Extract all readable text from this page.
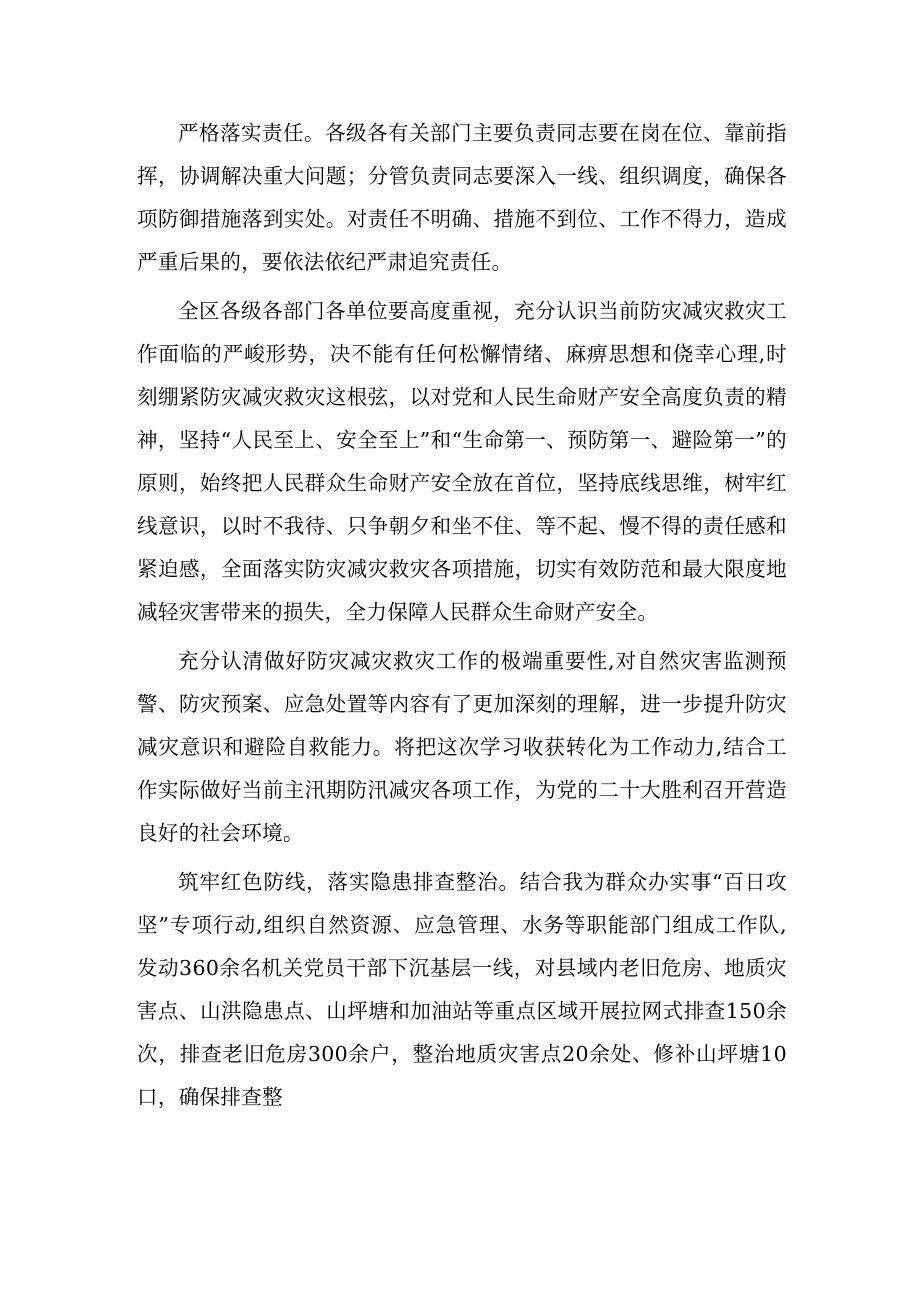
严格落实责任。各级各有关部门主要负责同志要在岗在位、靠前指挥，协调解决重大问题；分管负责同志要深入一线、组织调度，确保各项防御措施落到实处。对责任不明确、措施不到位、工作不得力，造成严重后果的，要依法依纪严肃追究责任。

全区各级各部门各单位要高度重视，充分认识当前防灾减灾救灾工作面临的严峻形势，决不能有任何松懈情绪、麻痹思想和侥幸心理,时刻绷紧防灾减灾救灾这根弦，以对党和人民生命财产安全高度负责的精神，坚持“人民至上、安全至上”和“生命第一、预防第一、避险第一”的原则，始终把人民群众生命财产安全放在首位，坚持底线思维，树牢红线意识，以时不我待、只争朝夕和坐不住、等不起、慢不得的责任感和紧迫感，全面落实防灾减灾救灾各项措施，切实有效防范和最大限度地减轻灾害带来的损失，全力保障人民群众生命财产安全。

充分认清做好防灾减灾救灾工作的极端重要性,对自然灾害监测预警、防灾预案、应急处置等内容有了更加深刻的理解，进一步提升防灾减灾意识和避险自救能力。将把这次学习收获转化为工作动力,结合工作实际做好当前主汛期防汛减灾各项工作，为党的二十大胜利召开营造良好的社会环境。

筑牢红色防线，落实隐患排查整治。结合我为群众办实事“百日攻坚”专项行动,组织自然资源、应急管理、水务等职能部门组成工作队,发动360余名机关党员干部下沉基层一线，对县域内老旧危房、地质灾害点、山洪隐患点、山坪塘和加油站等重点区域开展拉网式排查150余次，排查老旧危房300余户，整治地质灾害点20余处、修补山坪塘10口，确保排查整
